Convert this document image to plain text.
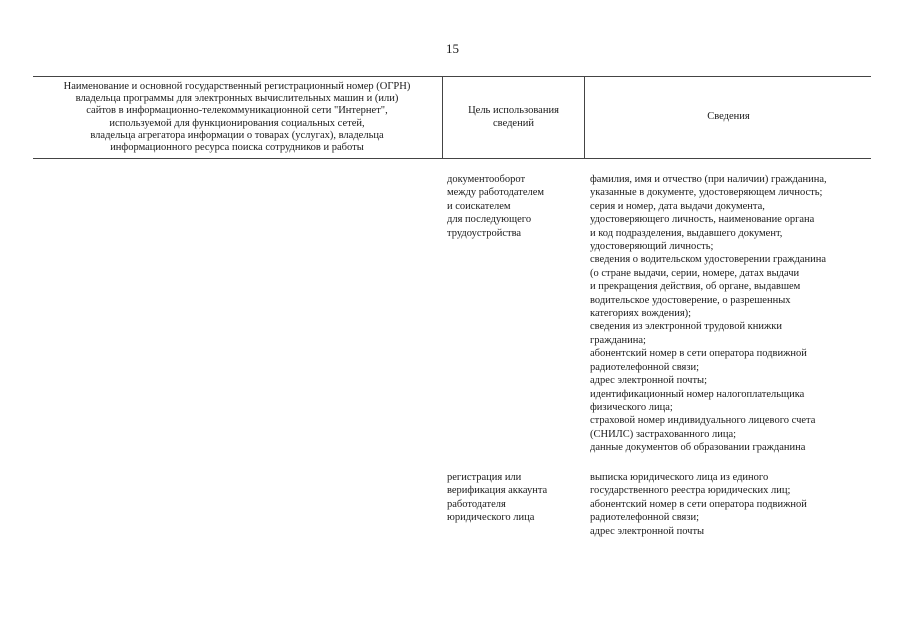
15
Наименование и основной государственный регистрационный номер (ОГРН)
владельца программы для электронных вычислительных машин и (или)
сайтов в информационно-телекоммуникационной сети "Интернет",
используемой для функционирования социальных сетей,
владельца агрегатора информации о товарах (услугах), владельца
информационного ресурса поиска сотрудников и работы
Цель использования
сведений
Сведения
документооборот
между работодателем
и соискателем
для последующего
трудоустройства
фамилия, имя и отчество (при наличии) гражданина,
указанные в документе, удостоверяющем личность;
серия и номер, дата выдачи документа,
удостоверяющего личность, наименование органа
и код подразделения, выдавшего документ,
удостоверяющий личность;
сведения о водительском удостоверении гражданина
(о стране выдачи, серии, номере, датах выдачи
и прекращения действия, об органе, выдавшем
водительское удостоверение, о разрешенных
категориях вождения);
сведения из электронной трудовой книжки
гражданина;
абонентский номер в сети оператора подвижной
радиотелефонной связи;
адрес электронной почты;
идентификационный номер налогоплательщика
физического лица;
страховой номер индивидуального лицевого счета
(СНИЛС) застрахованного лица;
данные документов об образовании гражданина
регистрация или
верификация аккаунта
работодателя
юридического лица
выписка юридического лица из единого
государственного реестра юридических лиц;
абонентский номер в сети оператора подвижной
радиотелефонной связи;
адрес электронной почты
